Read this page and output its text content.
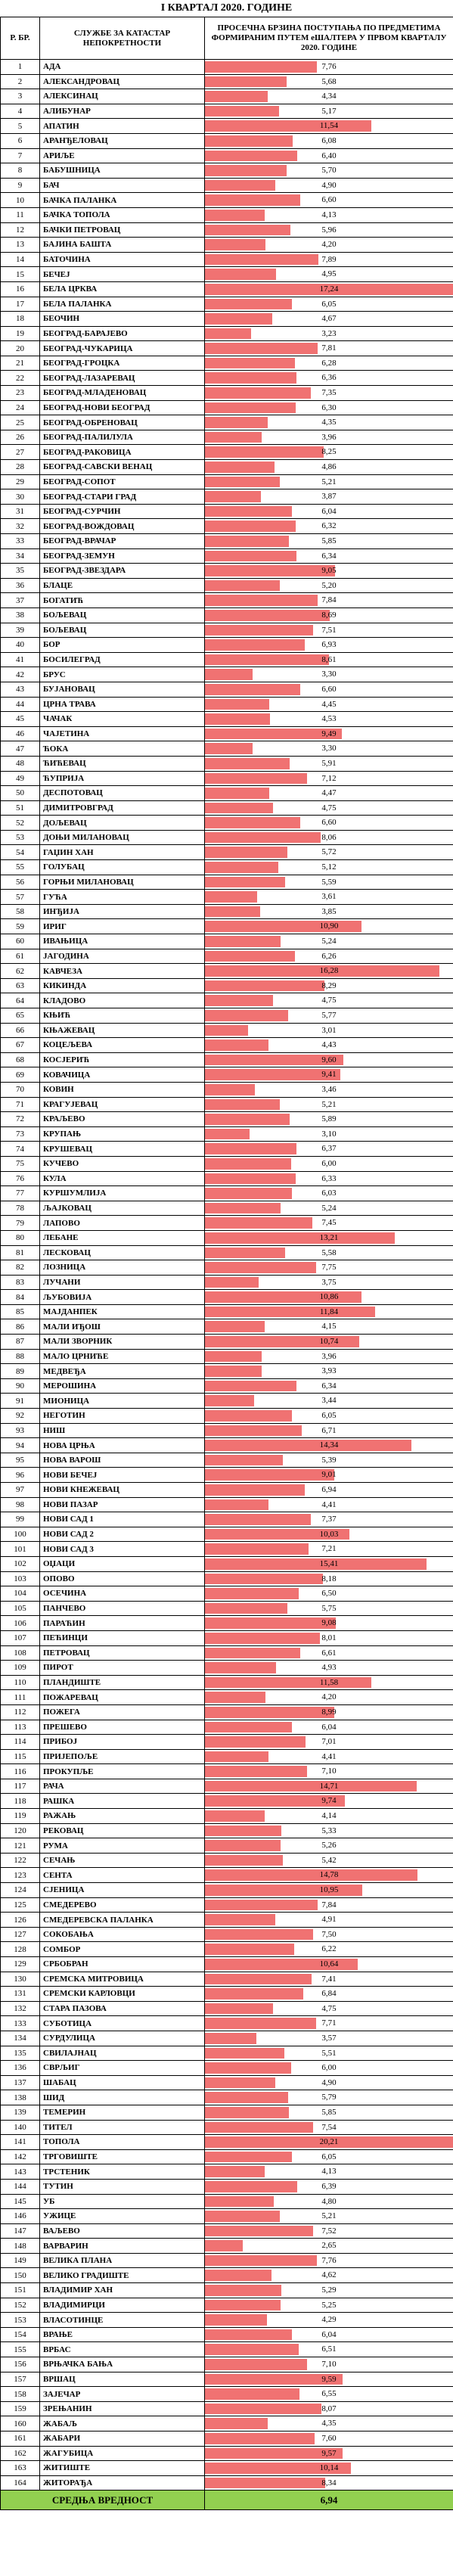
I КВАРТАЛ 2020. ГОДИНЕ
Р. БР.	СЛУЖБЕ ЗА КАТАСТАР НЕПОКРЕТНОСТИ	ПРОСЕЧНА БРЗИНА ПОСТУПАЊА ПО ПРЕДМЕТИМА ФОРМИРАНИМ ПУТЕМ еШАЛТЕРА У ПРВОМ КВАРТАЛУ 2020. ГОДИНЕ
1	АДА	7,76

2	АЛЕКСАНДРОВАЦ	5,68

3	АЛЕКСИНАЦ	4,34

4	АЛИБУНАР	5,17

5	АПАТИН	11,54

6	АРАНЂЕЛОВАЦ	6,08

7	АРИЉЕ	6,40

8	БАБУШНИЦА	5,70

9	БАЧ	4,90

10	БАЧКА ПАЛАНКА	6,60

11	БАЧКА ТОПОЛА	4,13

12	БАЧКИ ПЕТРОВАЦ	5,96

13	БАЈИНА БАШТА	4,20

14	БАТОЧИНА	7,89

15	БЕЧЕЈ	4,95

16	БЕЛА ЦРКВА	17,24

17	БЕЛА ПАЛАНКА	6,05

18	БЕОЧИН	4,67

19	БЕОГРАД-БАРАЈЕВО	3,23

20	БЕОГРАД-ЧУКАРИЦА	7,81

21	БЕОГРАД-ГРОЦКА	6,28

22	БЕОГРАД-ЛАЗАРЕВАЦ	6,36

23	БЕОГРАД-МЛАДЕНОВАЦ	7,35

24	БЕОГРАД-НОВИ БЕОГРАД	6,30

25	БЕОГРАД-ОБРЕНОВАЦ	4,35

26	БЕОГРАД-ПАЛИЛУЛА	3,96

27	БЕОГРАД-РАКОВИЦА	8,25

28	БЕОГРАД-САВСКИ ВЕНАЦ	4,86

29	БЕОГРАД-СОПОТ	5,21

30	БЕОГРАД-СТАРИ ГРАД	3,87

31	БЕОГРАД-СУРЧИН	6,04

32	БЕОГРАД-ВОЖДОВАЦ	6,32

33	БЕОГРАД-ВРАЧАР	5,85

34	БЕОГРАД-ЗЕМУН	6,34

35	БЕОГРАД-ЗВЕЗДАРА	9,05

36	БЛАЦЕ	5,20

37	БОГАТИЋ	7,84

38	БОЉЕВАЦ	8,69

39	БОЉЕВАЦ	7,51

40	БОР	6,93

41	БОСИЛЕГРАД	8,61

42	БРУС	3,30

43	БУЈАНОВАЦ	6,60

44	ЦРНА ТРАВА	4,45

45	ЧАЧАК	4,53

46	ЧАЈЕТИНА	9,49

47	ЋОКА	3,30

48	ЋИЋЕВАЦ	5,91

49	ЋУПРИЈА	7,12

50	ДЕСПОТОВАЦ	4,47

51	ДИМИТРОВГРАД	4,75

52	ДОЉЕВАЦ	6,60

53	ДОЊИ МИЛАНОВАЦ	8,06

54	ГАЏИН ХАН	5,72

55	ГОЛУБАЦ	5,12

56	ГОРЊИ МИЛАНОВАЦ	5,59

57	ГУЋА	3,61

58	ИНЂИЈА	3,85

59	ИРИГ	10,90

60	ИВАЊИЦА	5,24

61	ЈАГОДИНА	6,26

62	КАВЧЕЗА	16,28

63	КИКИНДА	8,29

64	КЛАДОВО	4,75

65	КЊИЋ	5,77

66	КЊАЖЕВАЦ	3,01

67	КОЦЕЉЕВА	4,43

68	КОСЈЕРИЋ	9,60

69	КОВАЧИЦА	9,41

70	КОВИН	3,46

71	КРАГУЈЕВАЦ	5,21

72	КРАЉЕВО	5,89

73	КРУПАЊ	3,10

74	КРУШЕВАЦ	6,37

75	КУЧЕВО	6,00

76	КУЛА	6,33

77	КУРШУМЛИЈА	6,03

78	ЉАЈКОВАЦ	5,24

79	ЛАПОВО	7,45

80	ЛЕБАНЕ	13,21

81	ЛЕСКОВАЦ	5,58

82	ЛОЗНИЦА	7,75

83	ЛУЧАНИ	3,75

84	ЉУБОВИЈА	10,86

85	МАЈДАНПЕК	11,84

86	МАЛИ ИЂОШ	4,15

87	МАЛИ ЗВОРНИК	10,74

88	МАЛО ЦРНИЋЕ	3,96

89	МЕДВЕЂА	3,93

90	МЕРОШИНА	6,34

91	МИОНИЦА	3,44

92	НЕГОТИН	6,05

93	НИШ	6,71

94	НОВА ЦРЊА	14,34

95	НОВА ВАРОШ	5,39

96	НОВИ БЕЧЕЈ	9,01

97	НОВИ КНЕЖЕВАЦ	6,94

98	НОВИ ПАЗАР	4,41

99	НОВИ САД 1	7,37

100	НОВИ САД 2	10,03

101	НОВИ САД 3	7,21

102	ОЏАЦИ	15,41

103	ОПОВО	8,18

104	ОСЕЧИНА	6,50

105	ПАНЧЕВО	5,75

106	ПАРАЋИН	9,08

107	ПЕЋИНЦИ	8,01

108	ПЕТРОВАЦ	6,61

109	ПИРОТ	4,93

110	ПЛАНДИШТЕ	11,58

111	ПОЖАРЕВАЦ	4,20

112	ПОЖЕГА	8,99

113	ПРЕШЕВО	6,04

114	ПРИБОЈ	7,01

115	ПРИЈЕПОЉЕ	4,41

116	ПРОКУПЉЕ	7,10

117	РАЧА	14,71

118	РАШКА	9,74

119	РАЖАЊ	4,14

120	РЕКОВАЦ	5,33

121	РУМА	5,26

122	СЕЧАЊ	5,42

123	СЕНТА	14,78

124	СЈЕНИЦА	10,95

125	СМЕДЕРЕВО	7,84

126	СМЕДЕРЕВСКА ПАЛАНКА	4,91

127	СОКОБАЊА	7,50

128	СОМБОР	6,22

129	СРБОБРАН	10,64

130	СРЕМСКА МИТРОВИЦА	7,41

131	СРЕМСКИ КАРЛОВЦИ	6,84

132	СТАРА ПАЗОВА	4,75

133	СУБОТИЦА	7,71

134	СУРДУЛИЦА	3,57

135	СВИЛАЈНАЦ	5,51

136	СВРЉИГ	6,00

137	ШАБАЦ	4,90

138	ШИД	5,79

139	ТЕМЕРИН	5,85

140	ТИТЕЛ	7,54

141	ТОПОЛА	20,21

142	ТРГОВИШТЕ	6,05

143	ТРСТЕНИК	4,13

144	ТУТИН	6,39

145	УБ	4,80

146	УЖИЦЕ	5,21

147	ВАЉЕВО	7,52

148	ВАРВАРИН	2,65

149	ВЕЛИКА ПЛАНА	7,76

150	ВЕЛИКО ГРАДИШТЕ	4,62

151	ВЛАДИМИР ХАН	5,29

152	ВЛАДИМИРЦИ	5,25

153	ВЛАСОТИНЦЕ	4,29

154	ВРАЊЕ	6,04

155	ВРБАС	6,51

156	ВРЊАЧКА БАЊА	7,10

157	ВРШАЦ	9,59

158	ЗАЈЕЧАР	6,55

159	ЗРЕЊАНИН	8,07

160	ЖАБАЉ	4,35

161	ЖАБАРИ	7,60

162	ЖАГУБИЦА	9,57

163	ЖИТИШТЕ	10,14

164	ЖИТОРАЂА	8,34

СРЕДЊА ВРЕДНОСТ		6,94
